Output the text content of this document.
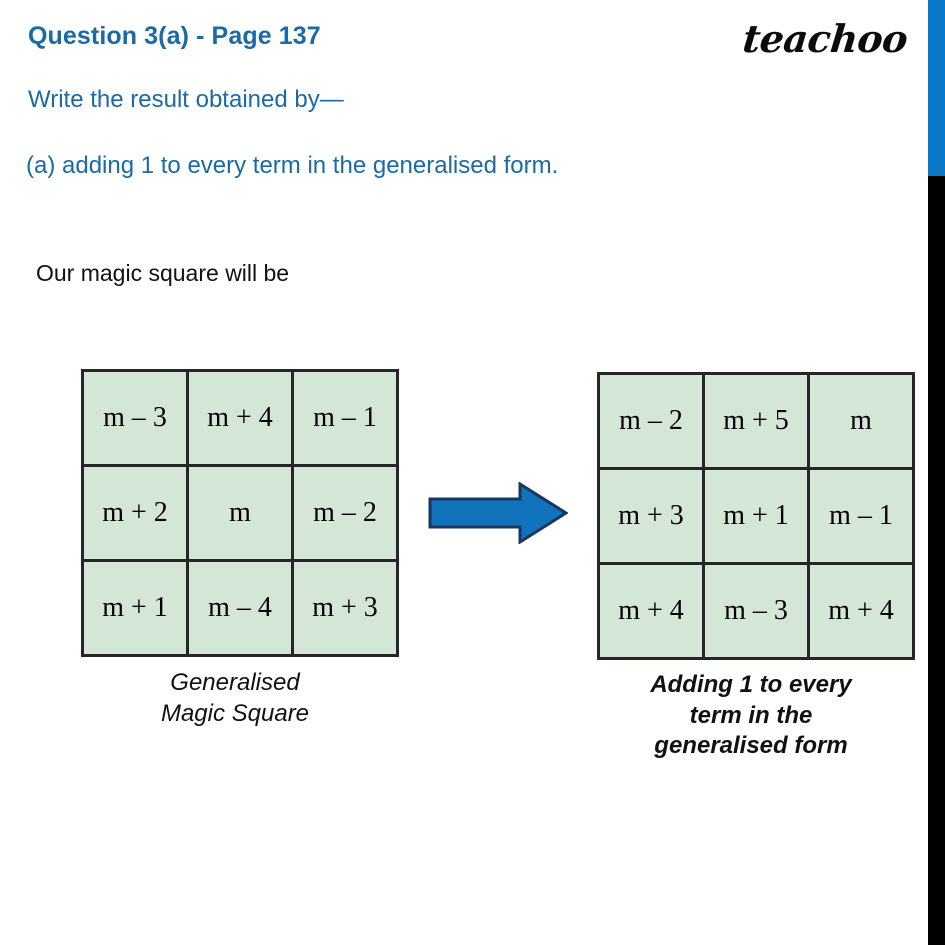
Question 3(a) - Page 137	teachoo
Write the result obtained by—
(a) adding 1 to every term in the generalised form.
Our magic square will be
m – 3	m + 4	m – 1
m + 2	m	m – 2
m + 1	m – 4	m + 3
Generalised
Magic Square
m – 2	m + 5	m
m + 3	m + 1	m – 1
m + 4	m – 3	m + 4
Adding 1 to every
term in the
generalised form
